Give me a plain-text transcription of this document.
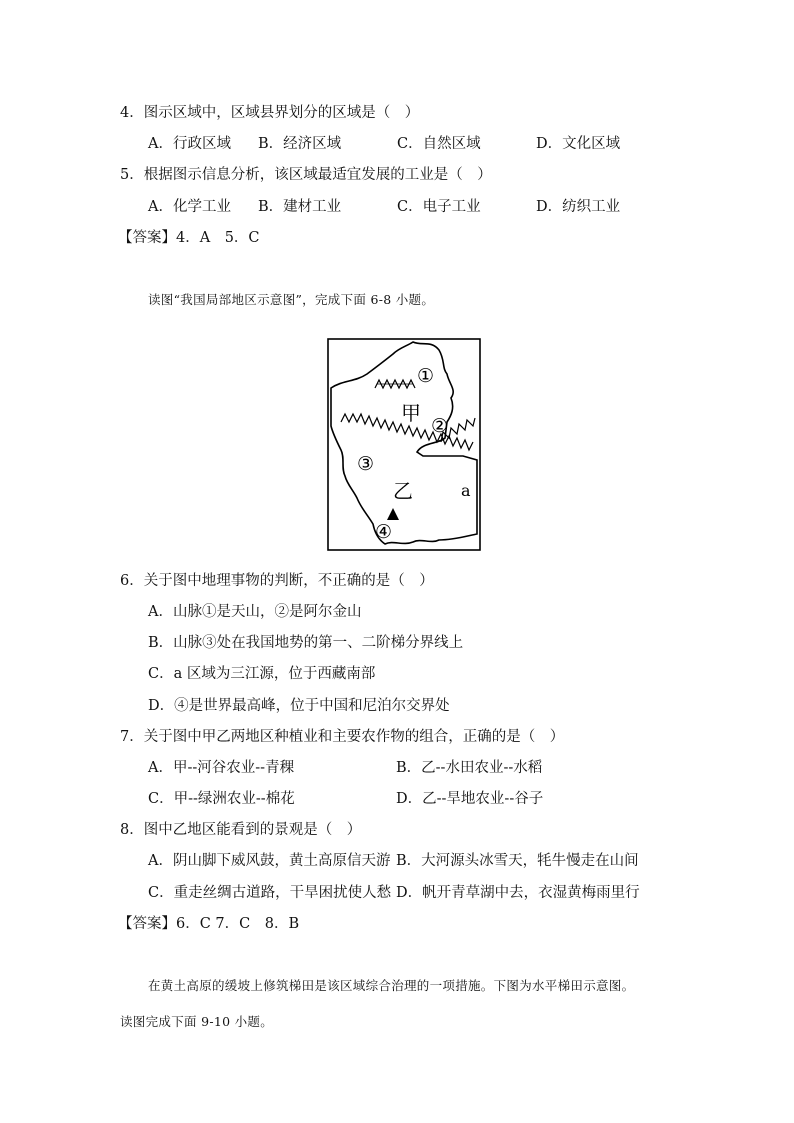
4．图示区域中，区域县界划分的区域是（　）
A．行政区域 B．经济区域	C．自然区域	D．文化区域
5．根据图示信息分析，该区域最适宜发展的工业是（　）
A．化学工业 B．建材工业	C．电子工业	D．纺织工业
【答案】4．A　5．C
读图“我国局部地区示意图”，完成下面 6-8 小题。
①
甲
②
③
乙	a
④
6．关于图中地理事物的判断，不正确的是（　）
A．山脉①是天山，②是阿尔金山
B．山脉③处在我国地势的第一、二阶梯分界线上
C．a 区域为三江源，位于西藏南部
D．④是世界最高峰，位于中国和尼泊尔交界处
7．关于图中甲乙两地区种植业和主要农作物的组合，正确的是（　）
A．甲--河谷农业--青稞	B．乙--水田农业--水稻
C．甲--绿洲农业--棉花	D．乙--旱地农业--谷子
8．图中乙地区能看到的景观是（　）
A．阴山脚下威风鼓，黄土高原信天游 B．大河源头冰雪天，牦牛慢走在山间
C．重走丝绸古道路，干旱困扰使人愁 D．帆开青草湖中去，衣湿黄梅雨里行
【答案】6．C 7．C　8．B
在黄土高原的缓坡上修筑梯田是该区域综合治理的一项措施。下图为水平梯田示意图。
读图完成下面 9-10 小题。
